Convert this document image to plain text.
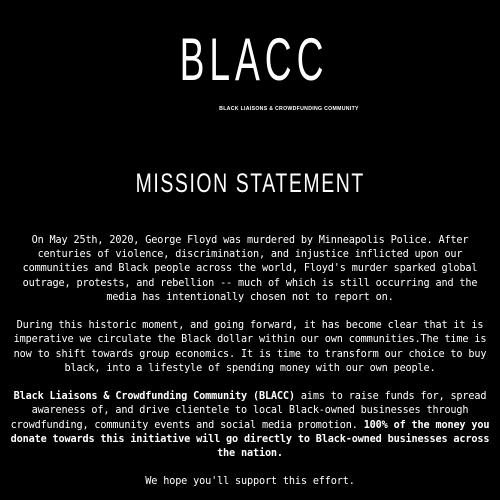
BLACC
BLACK LIAISONS & CROWDFUNDING COMMUNITY
MISSION STATEMENT

On May 25th, 2020, George Floyd was murdered by Minneapolis Police. After centuries of violence, discrimination, and injustice inflicted upon our communities and Black people across the world, Floyd's murder sparked global outrage, protests, and rebellion -- much of which is still occurring and the media has intentionally chosen not to report on.

During this historic moment, and going forward, it has become clear that it is imperative we circulate the Black dollar within our own communities.The time is now to shift towards group economics. It is time to transform our choice to buy black, into a lifestyle of spending money with our own people.

Black Liaisons & Crowdfunding Community (BLACC) aims to raise funds for, spread awareness of, and drive clientele to local Black-owned businesses through crowdfunding, community events and social media promotion. 100% of the money you donate towards this initiative will go directly to Black-owned businesses across the nation.

We hope you'll support this effort.
